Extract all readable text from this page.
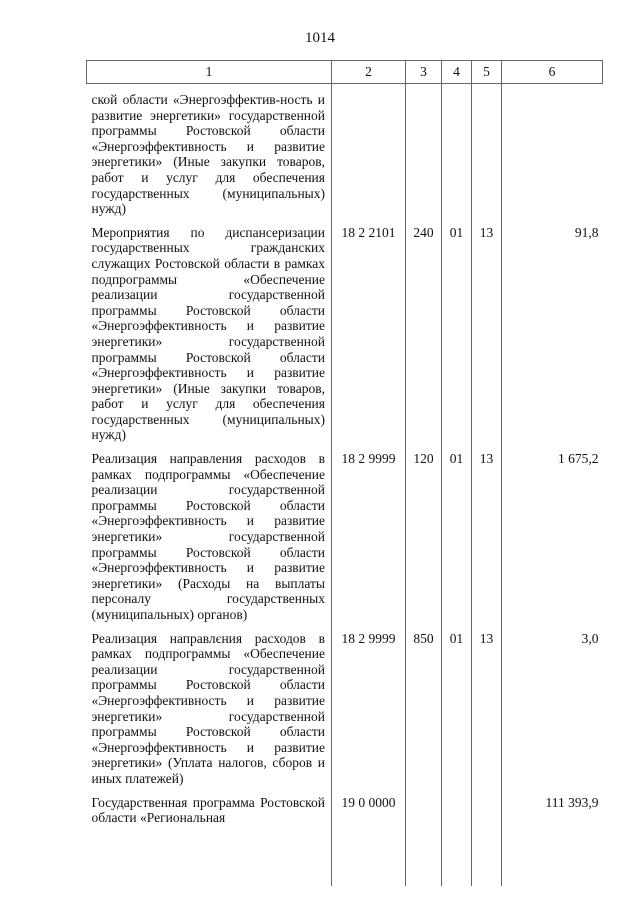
1014
1	2	3	4	5	6
ской области «Энергоэффектив-ность и развитие энергетики» государственной программы Ростовской области «Энергоэффективность и развитие энергетики» (Иные закупки товаров, работ и услуг для обеспечения государственных (муниципальных) нужд)					
Мероприятия по диспансеризации государственных гражданских служащих Ростовской области в рамках подпрограммы «Обеспечение реализации государственной программы Ростовской области «Энергоэффективность и развитие энергетики» государственной программы Ростовской области «Энергоэффективность и развитие энергетики» (Иные закупки товаров, работ и услуг для обеспечения государственных (муниципальных) нужд)	18 2 2101	240	01	13	91,8
Реализация направления расходов в рамках подпрограммы «Обеспечение реализации государственной программы Ростовской области «Энергоэффективность и развитие энергетики» государственной программы Ростовской области «Энергоэффективность и развитие энергетики» (Расходы на выплаты персоналу государственных (муниципальных) органов)	18 2 9999	120	01	13	1 675,2
Реализация направлєния расходов в рамках подпрограммы «Обеспечение реализации государственной программы Ростовской области «Энергоэффективность и развитие энергетики» государственной программы Ростовской области «Энергоэффективность и развитие энергетики» (Уплата налогов, сборов и иных платежей)	18 2 9999	850	01	13	3,0
Государственная программа Ростовской области «Региональная	19 0 0000				111 393,9
